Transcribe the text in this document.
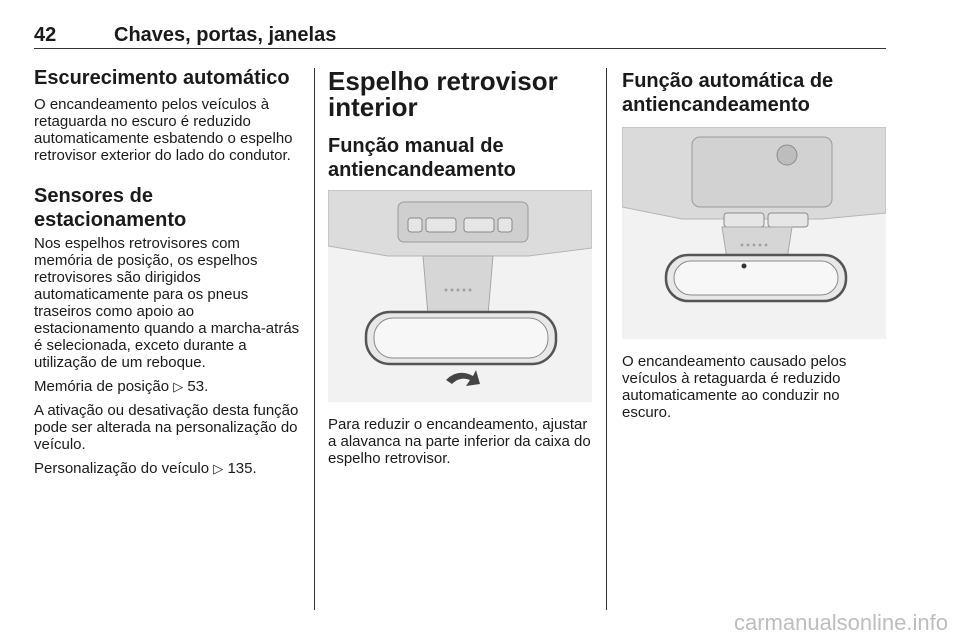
42	Chaves, portas, janelas
Escurecimento automático

O encandeamento pelos veículos à retaguarda no escuro é reduzido automaticamente esbatendo o espelho retrovisor exterior do lado do condutor.

Sensores de estacionamento

Nos espelhos retrovisores com memória de posição, os espelhos retrovisores são dirigidos automaticamente para os pneus traseiros como apoio ao estacionamento quando a marcha-atrás é selecionada, exceto durante a utilização de um reboque.

Memória de posição ▷ 53.

A ativação ou desativação desta função pode ser alterada na personalização do veículo.

Personalização do veículo ▷ 135.

Espelho retrovisor interior
Função manual de antiencandeamento

Para reduzir o encandeamento, ajustar a alavanca na parte inferior da caixa do espelho retrovisor.

Função automática de antiencandeamento

O encandeamento causado pelos veículos à retaguarda é reduzido automaticamente ao conduzir no escuro.

carmanualsonline.info
